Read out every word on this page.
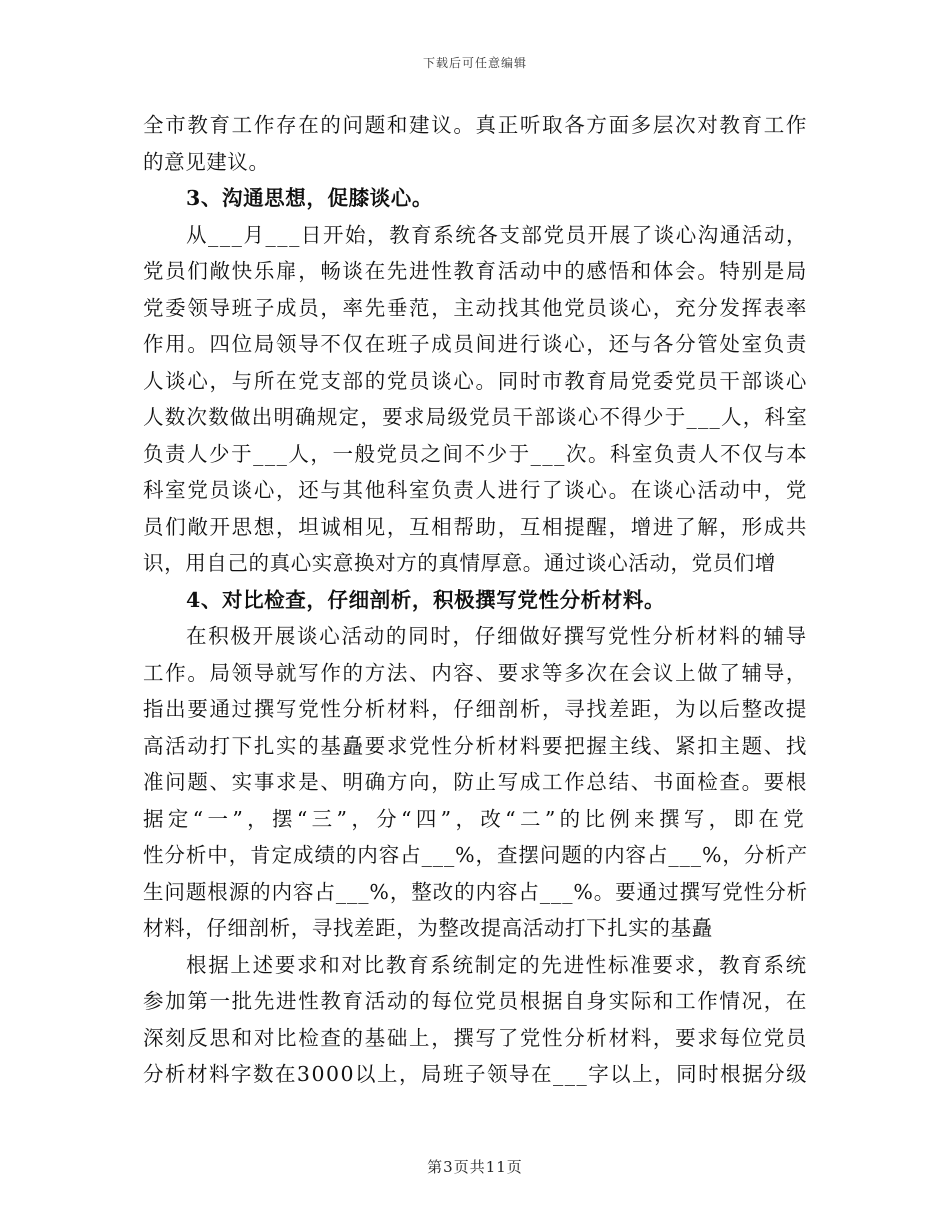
下载后可任意编辑
全市教育工作存在的问题和建议。真正听取各方面多层次对教育工作
的意见建议。
3、沟通思想，促膝谈心。
从___月___日开始，教育系统各支部党员开展了谈心沟通活动，
党员们敞快乐扉，畅谈在先进性教育活动中的感悟和体会。特别是局
党委领导班子成员，率先垂范，主动找其他党员谈心，充分发挥表率
作用。四位局领导不仅在班子成员间进行谈心，还与各分管处室负责
人谈心，与所在党支部的党员谈心。同时市教育局党委党员干部谈心
人数次数做出明确规定，要求局级党员干部谈心不得少于___人，科室
负责人少于___人，一般党员之间不少于___次。科室负责人不仅与本
科室党员谈心，还与其他科室负责人进行了谈心。在谈心活动中，党
员们敞开思想，坦诚相见，互相帮助，互相提醒，增进了解，形成共
识，用自己的真心实意换对方的真情厚意。通过谈心活动，党员们增
4、对比检查，仔细剖析，积极撰写党性分析材料。
在积极开展谈心活动的同时，仔细做好撰写党性分析材料的辅导
工作。局领导就写作的方法、内容、要求等多次在会议上做了辅导，
指出要通过撰写党性分析材料，仔细剖析，寻找差距，为以后整改提
高活动打下扎实的基矗要求党性分析材料要把握主线、紧扣主题、找
准问题、实事求是、明确方向，防止写成工作总结、书面检查。要根
据定“一”，摆“三”，分“四”，改“二”的比例来撰写，即在党
性分析中，肯定成绩的内容占___%，查摆问题的内容占___%，分析产
生问题根源的内容占___%，整改的内容占___%。要通过撰写党性分析
材料，仔细剖析，寻找差距，为整改提高活动打下扎实的基矗
根据上述要求和对比教育系统制定的先进性标准要求，教育系统
参加第一批先进性教育活动的每位党员根据自身实际和工作情况，在
深刻反思和对比检查的基础上，撰写了党性分析材料，要求每位党员
分析材料字数在3000以上，局班子领导在___字以上，同时根据分级
第3页共11页
